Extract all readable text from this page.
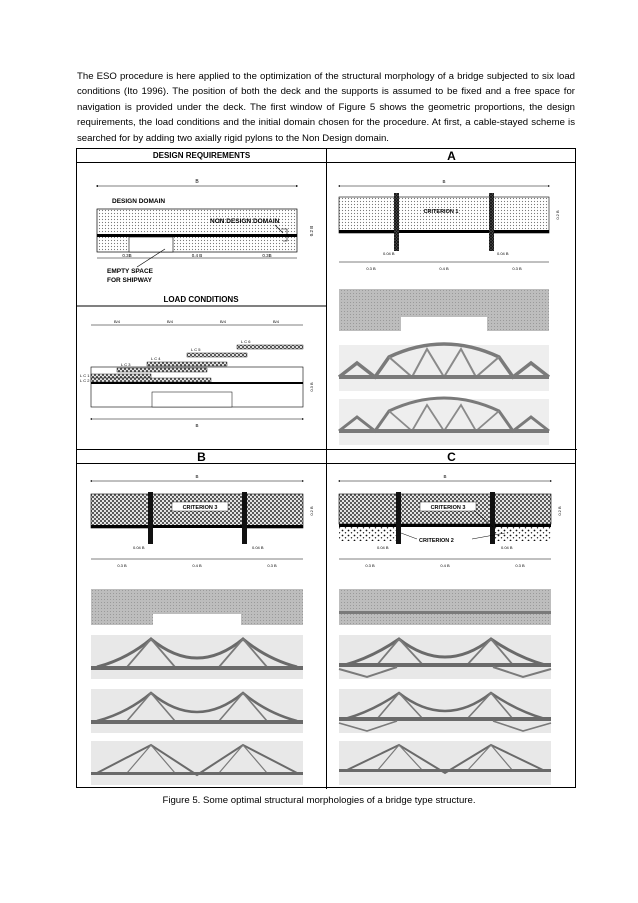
The ESO procedure is here applied to the optimization of the structural morphology of a bridge subjected to six load conditions (Ito 1996). The position of both the deck and the supports is assumed to be fixed and a free space for navigation is provided under the deck. The first window of Figure 5 shows the geometric proportions, the design requirements, the load conditions and the initial domain chosen for the procedure. At first, a cable-stayed scheme is searched for by adding two axially rigid pylons to the Non Design domain.

DESIGN REQUIREMENTS	A
B	C
B
DESIGN DOMAIN
NON DESIGN DOMAIN
0.3B	0.4 B	0.3B
0.2 B
EMPTY SPACE
FOR SHIPWAY
LOAD CONDITIONS
B/4	B/4	B/4	B/4
L C 1
L C 2
L C 3
L C 4
L C 5
L C 6
B
0.3 B
B
CRITERION 1
0.04 B	0.04 B
0.3 B	0.4 B	0.3 B
0.2 B
B
CRITERION 3
0.04 B	0.04 B
0.3 B	0.4 B	0.3 B
0.2 B
B
CRITERION 3
CRITERION 2
0.04 B	0.04 B
0.3 B	0.4 B	0.3 B
0.2 B
Figure 5. Some optimal structural morphologies of a bridge type structure.
